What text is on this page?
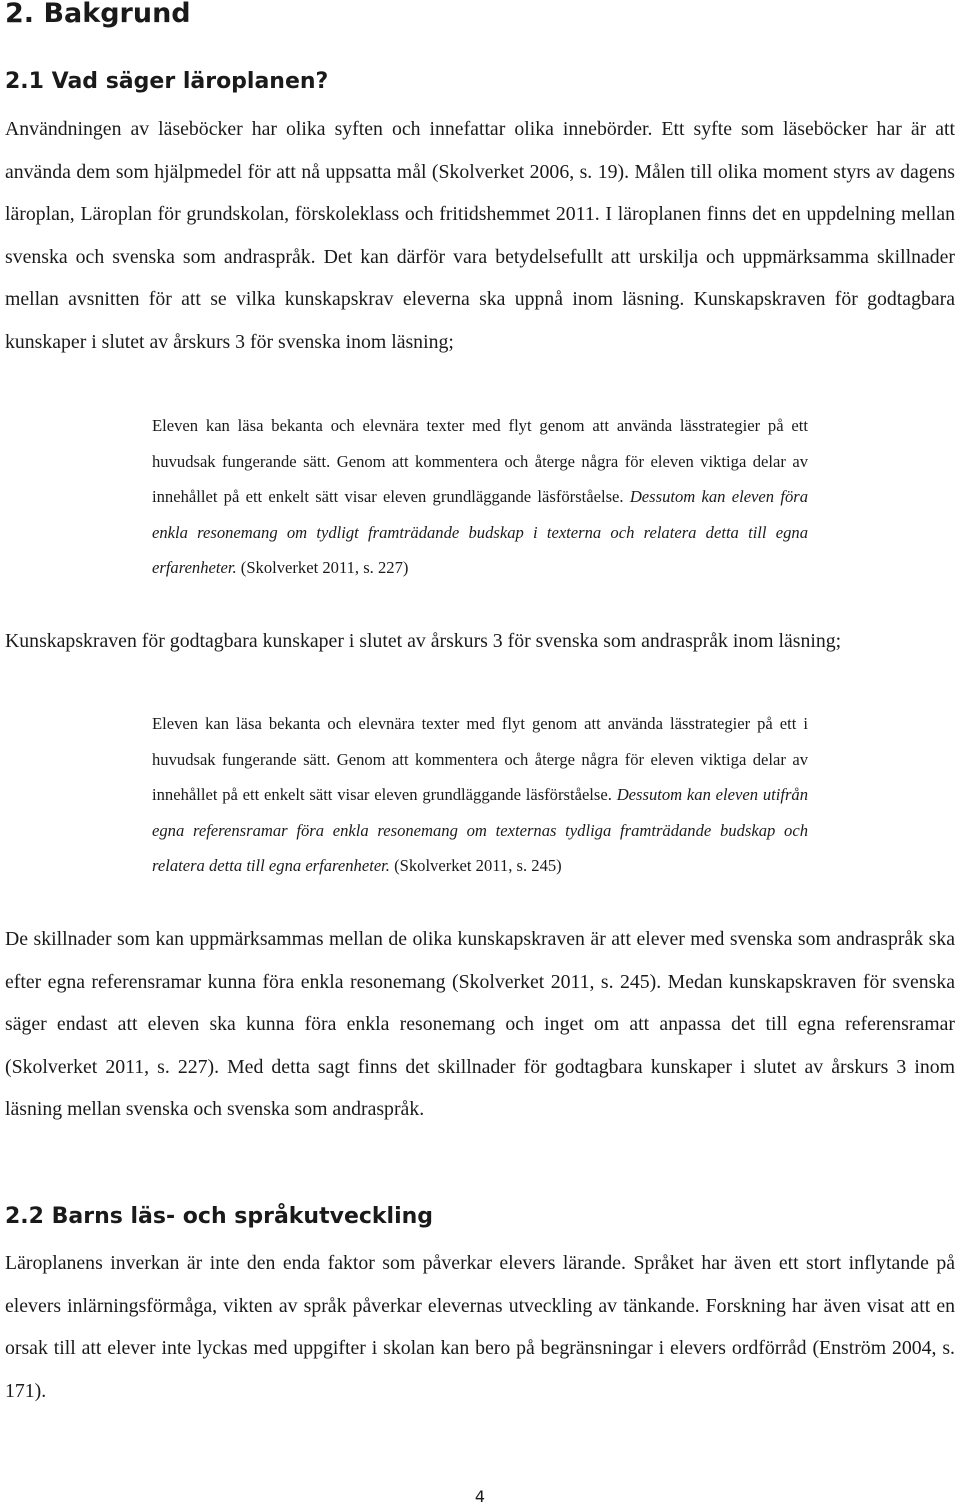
2. Bakgrund
2.1 Vad säger läroplanen?

Användningen av läseböcker har olika syften och innefattar olika innebörder. Ett syfte som läseböcker har är att använda dem som hjälpmedel för att nå uppsatta mål (Skolverket 2006, s. 19). Målen till olika moment styrs av dagens läroplan, Läroplan för grundskolan, förskoleklass och fritidshemmet 2011. I läroplanen finns det en uppdelning mellan svenska och svenska som andraspråk. Det kan därför vara betydelsefullt att urskilja och uppmärksamma skillnader mellan avsnitten för att se vilka kunskapskrav eleverna ska uppnå inom läsning. Kunskapskraven för godtagbara kunskaper i slutet av årskurs 3 för svenska inom läsning;

Eleven kan läsa bekanta och elevnära texter med flyt genom att använda lässtrategier på ett huvudsak fungerande sätt. Genom att kommentera och återge några för eleven viktiga delar av innehållet på ett enkelt sätt visar eleven grundläggande läsförståelse. Dessutom kan eleven föra enkla resonemang om tydligt framträdande budskap i texterna och relatera detta till egna erfarenheter. (Skolverket 2011, s. 227)

Kunskapskraven för godtagbara kunskaper i slutet av årskurs 3 för svenska som andraspråk inom läsning;

Eleven kan läsa bekanta och elevnära texter med flyt genom att använda lässtrategier på ett i huvudsak fungerande sätt. Genom att kommentera och återge några för eleven viktiga delar av innehållet på ett enkelt sätt visar eleven grundläggande läsförståelse. Dessutom kan eleven utifrån egna referensramar föra enkla resonemang om texternas tydliga framträdande budskap och relatera detta till egna erfarenheter. (Skolverket 2011, s. 245)

De skillnader som kan uppmärksammas mellan de olika kunskapskraven är att elever med svenska som andraspråk ska efter egna referensramar kunna föra enkla resonemang (Skolverket 2011, s. 245). Medan kunskapskraven för svenska säger endast att eleven ska kunna föra enkla resonemang och inget om att anpassa det till egna referensramar (Skolverket 2011, s. 227). Med detta sagt finns det skillnader för godtagbara kunskaper i slutet av årskurs 3 inom läsning mellan svenska och svenska som andraspråk.

2.2 Barns läs- och språkutveckling

Läroplanens inverkan är inte den enda faktor som påverkar elevers lärande. Språket har även ett stort inflytande på elevers inlärningsförmåga, vikten av språk påverkar elevernas utveckling av tänkande. Forskning har även visat att en orsak till att elever inte lyckas med uppgifter i skolan kan bero på begränsningar i elevers ordförråd (Enström 2004, s. 171).

4
